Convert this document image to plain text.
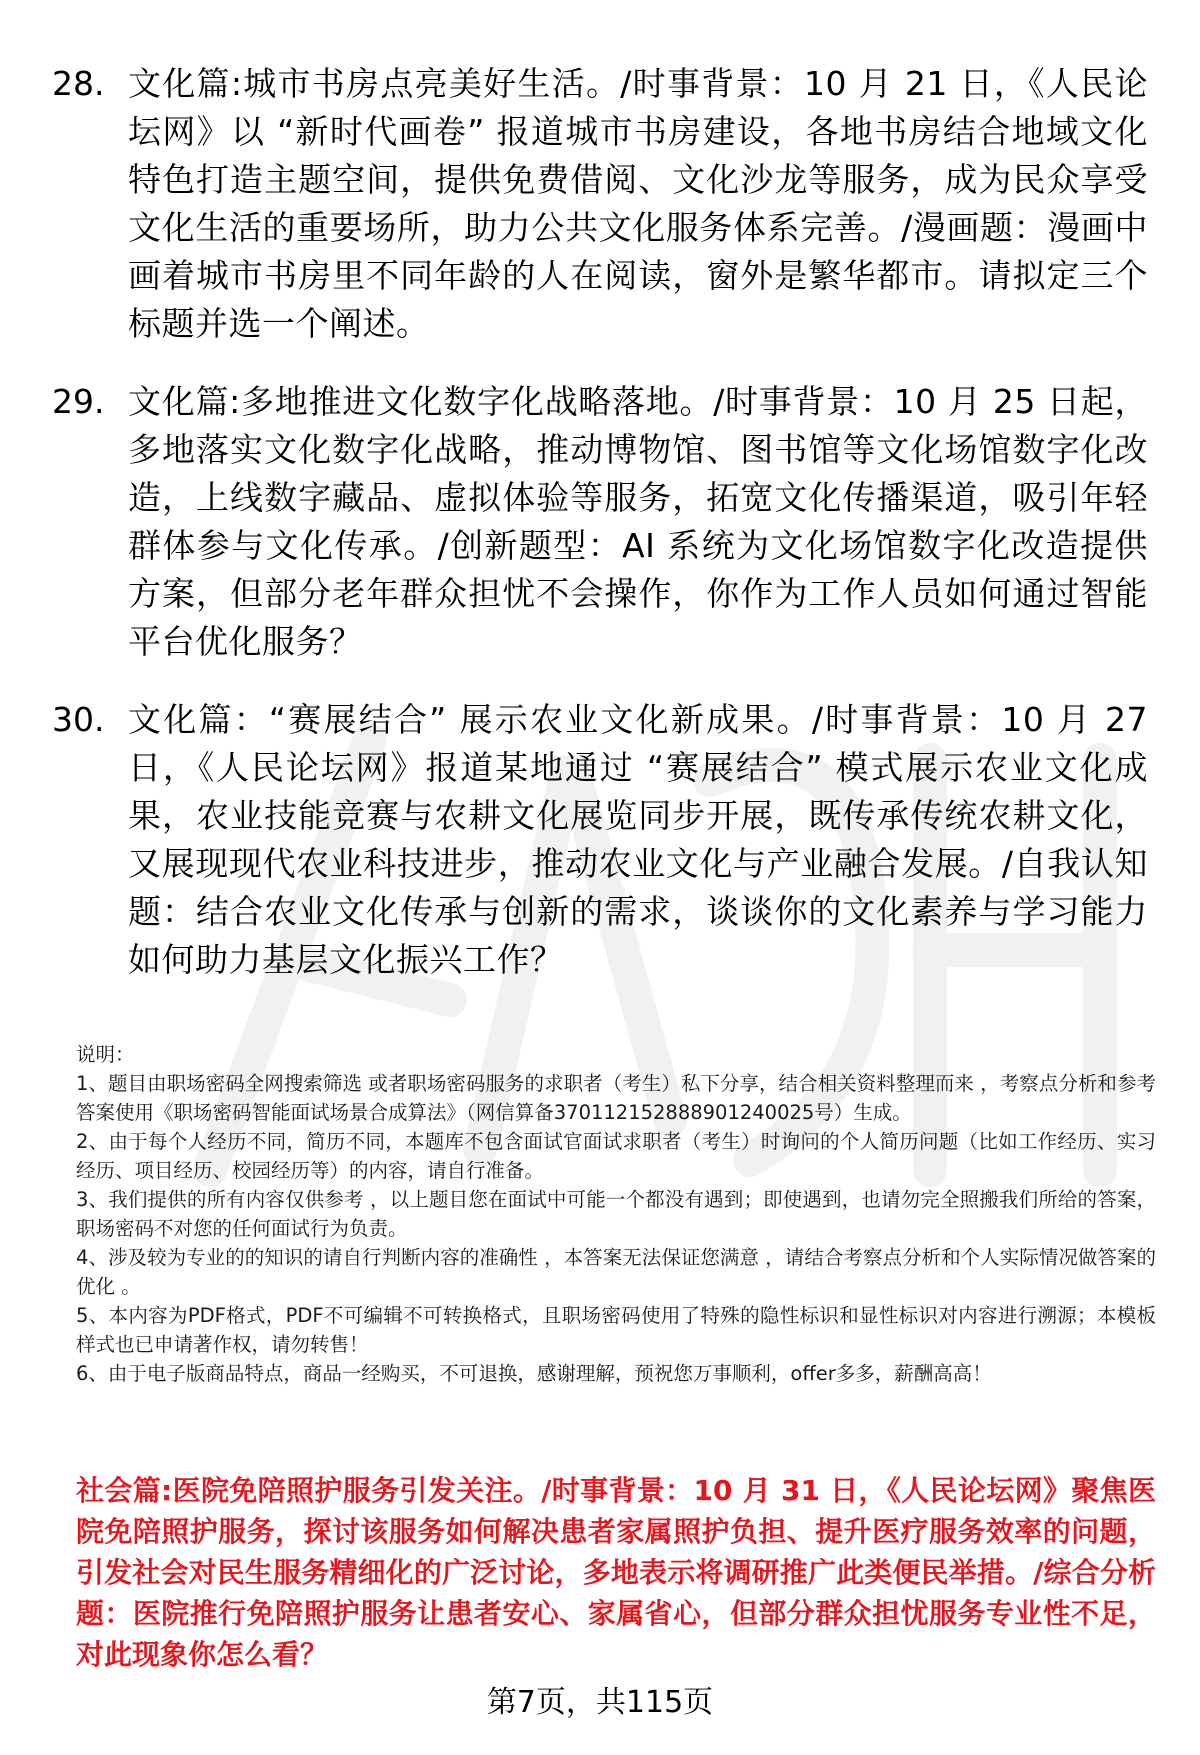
28. 文化篇:城市书房点亮美好生活。/时事背景：10 月 21 日，《人民论坛网》以 “新时代画卷” 报道城市书房建设，各地书房结合地域文化特色打造主题空间，提供免费借阅、文化沙龙等服务，成为民众享受文化生活的重要场所，助力公共文化服务体系完善。/漫画题：漫画中画着城市书房里不同年龄的人在阅读，窗外是繁华都市。请拟定三个标题并选一个阐述。
29. 文化篇:多地推进文化数字化战略落地。/时事背景：10 月 25 日起，多地落实文化数字化战略，推动博物馆、图书馆等文化场馆数字化改造，上线数字藏品、虚拟体验等服务，拓宽文化传播渠道，吸引年轻群体参与文化传承。/创新题型：AI 系统为文化场馆数字化改造提供方案，但部分老年群众担忧不会操作，你作为工作人员如何通过智能平台优化服务？
30. 文化篇：“赛展结合” 展示农业文化新成果。/时事背景：10 月 27 日，《人民论坛网》报道某地通过 “赛展结合” 模式展示农业文化成果，农业技能竞赛与农耕文化展览同步开展，既传承传统农耕文化，又展现现代农业科技进步，推动农业文化与产业融合发展。/自我认知题：结合农业文化传承与创新的需求，谈谈你的文化素养与学习能力如何助力基层文化振兴工作？

说明：

1、题目由职场密码全网搜索筛选 或者职场密码服务的求职者（考生）私下分享，结合相关资料整理而来 ，考察点分析和参考答案使用《职场密码智能面试场景合成算法》（网信算备370112152888901240025号）生成。

2、由于每个人经历不同，简历不同，本题库不包含面试官面试求职者（考生）时询问的个人简历问题（比如工作经历、实习经历、项目经历、校园经历等）的内容，请自行准备。

3、我们提供的所有内容仅供参考 ，以上题目您在面试中可能一个都没有遇到；即使遇到，也请勿完全照搬我们所给的答案，职场密码不对您的任何面试行为负责。

4、涉及较为专业的的知识的请自行判断内容的准确性 ，本答案无法保证您满意 ，请结合考察点分析和个人实际情况做答案的优化 。

5、本内容为PDF格式，PDF不可编辑不可转换格式，且职场密码使用了特殊的隐性标识和显性标识对内容进行溯源；本模板样式也已申请著作权，请勿转售！

6、由于电子版商品特点，商品一经购买，不可退换，感谢理解，预祝您万事顺利，offer多多，薪酬高高！

社会篇:医院免陪照护服务引发关注。/时事背景：10 月 31 日，《人民论坛网》聚焦医院免陪照护服务，探讨该服务如何解决患者家属照护负担、提升医疗服务效率的问题，引发社会对民生服务精细化的广泛讨论，多地表示将调研推广此类便民举措。/综合分析题：医院推行免陪照护服务让患者安心、家属省心，但部分群众担忧服务专业性不足，对此现象你怎么看？
第7页，共115页
